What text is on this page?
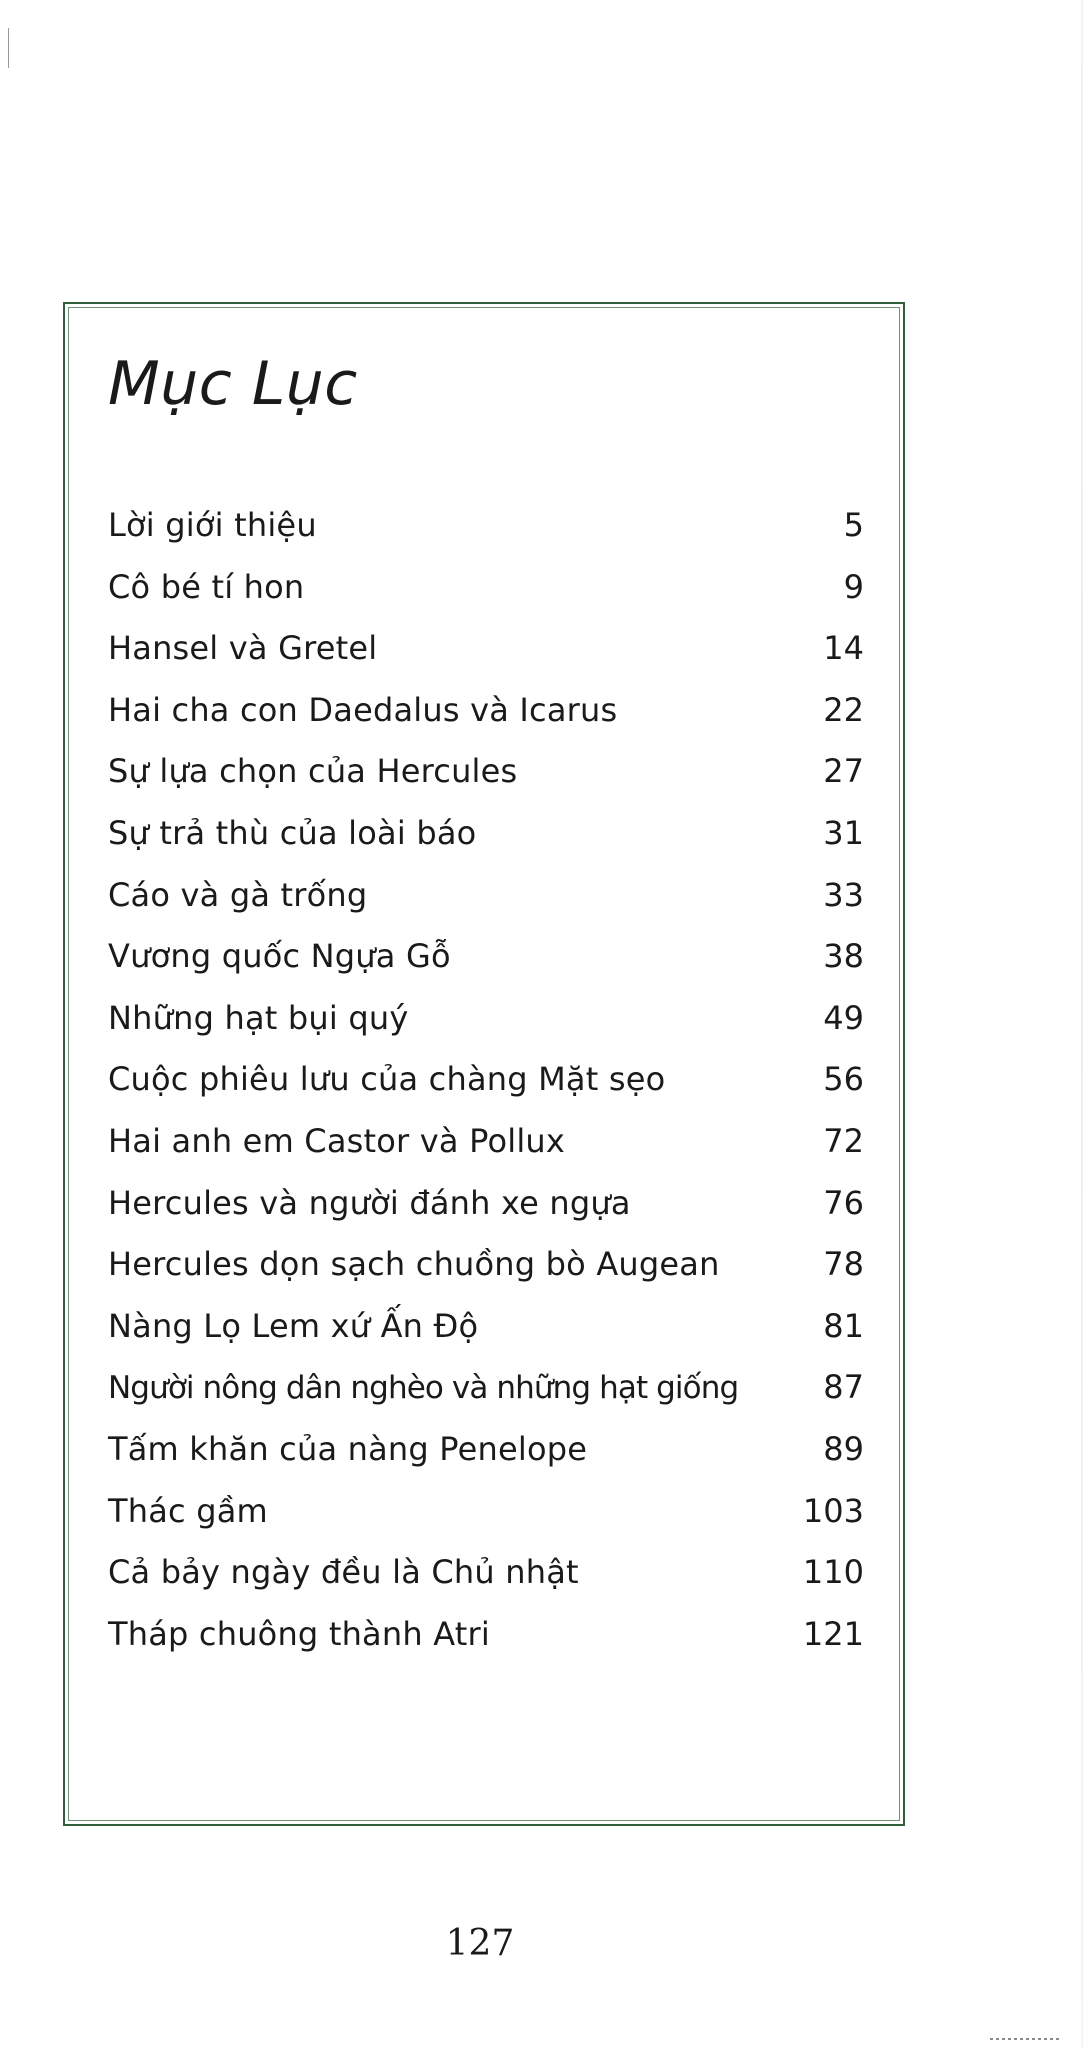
Mục Lục
Lời giới thiệu	5
Cô bé tí hon	9
Hansel và Gretel	14
Hai cha con Daedalus và Icarus	22
Sự lựa chọn của Hercules	27
Sự trả thù của loài báo	31
Cáo và gà trống	33
Vương quốc Ngựa Gỗ	38
Những hạt bụi quý	49
Cuộc phiêu lưu của chàng Mặt sẹo	56
Hai anh em Castor và Pollux	72
Hercules và người đánh xe ngựa	76
Hercules dọn sạch chuồng bò Augean	78
Nàng Lọ Lem xứ Ấn Độ	81
Người nông dân nghèo và những hạt giống	87
Tấm khăn của nàng Penelope	89
Thác gầm	103
Cả bảy ngày đều là Chủ nhật	110
Tháp chuông thành Atri	121
127
